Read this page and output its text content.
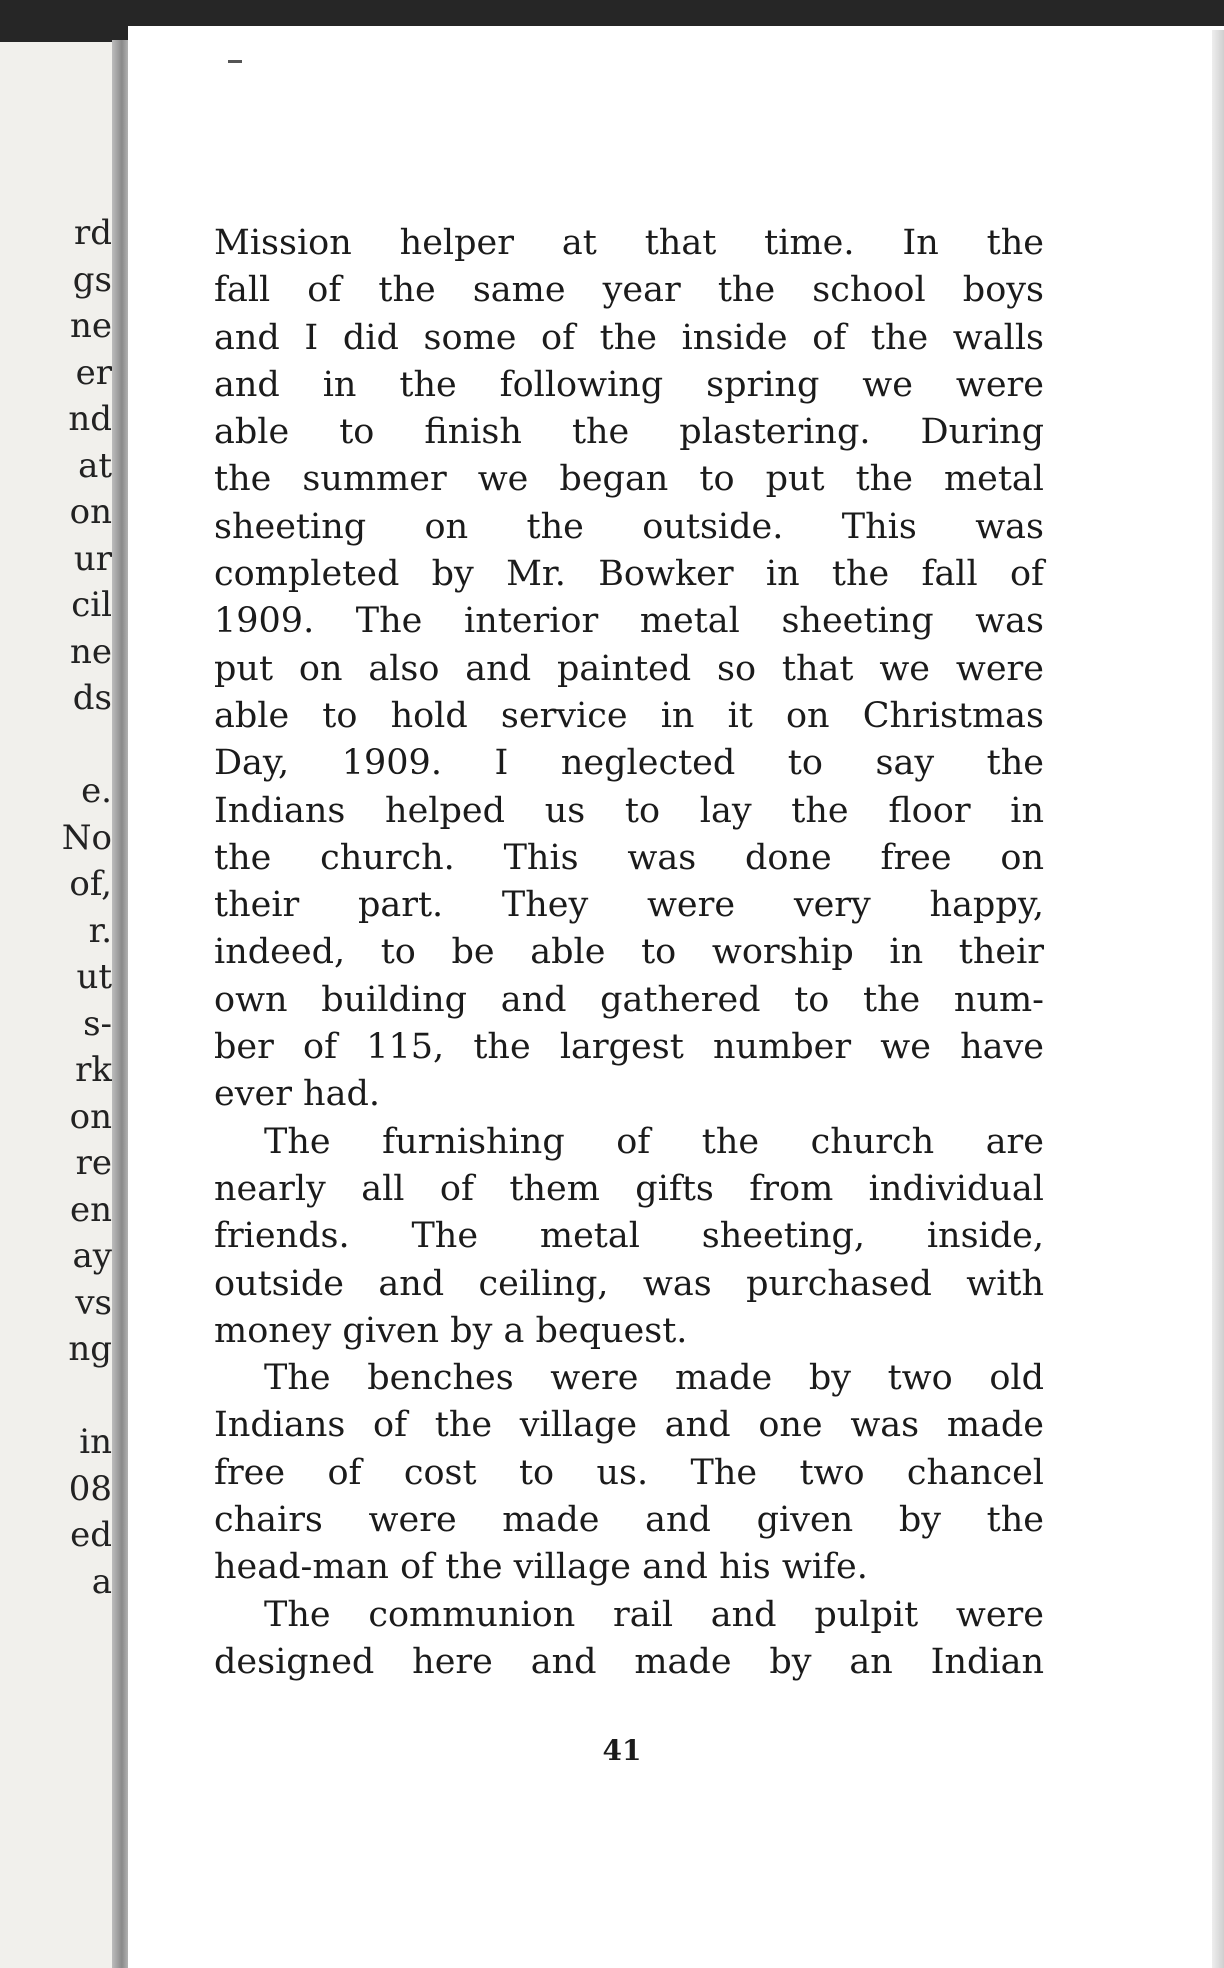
rd
gs
ne
er
nd
at
on
ur
cil
ne
ds
e.
No
of,
r.
ut
s-
rk
on
re
en
ay
vs
ng
in
08
ed
a
Mission helper at that time. In the
fall of the same year the school boys
and I did some of the inside of the walls
and in the following spring we were
able to finish the plastering. During
the summer we began to put the metal
sheeting on the outside. This was
completed by Mr. Bowker in the fall of
1909. The interior metal sheeting was
put on also and painted so that we were
able to hold service in it on Christmas
Day, 1909. I neglected to say the
Indians helped us to lay the floor in
the church. This was done free on
their part. They were very happy,
indeed, to be able to worship in their
own building and gathered to the num-
ber of 115, the largest number we have
ever had.
The furnishing of the church are
nearly all of them gifts from individual
friends. The metal sheeting, inside,
outside and ceiling, was purchased with
money given by a bequest.
The benches were made by two old
Indians of the village and one was made
free of cost to us. The two chancel
chairs were made and given by the
head-man of the village and his wife.
The communion rail and pulpit were
designed here and made by an Indian
41
